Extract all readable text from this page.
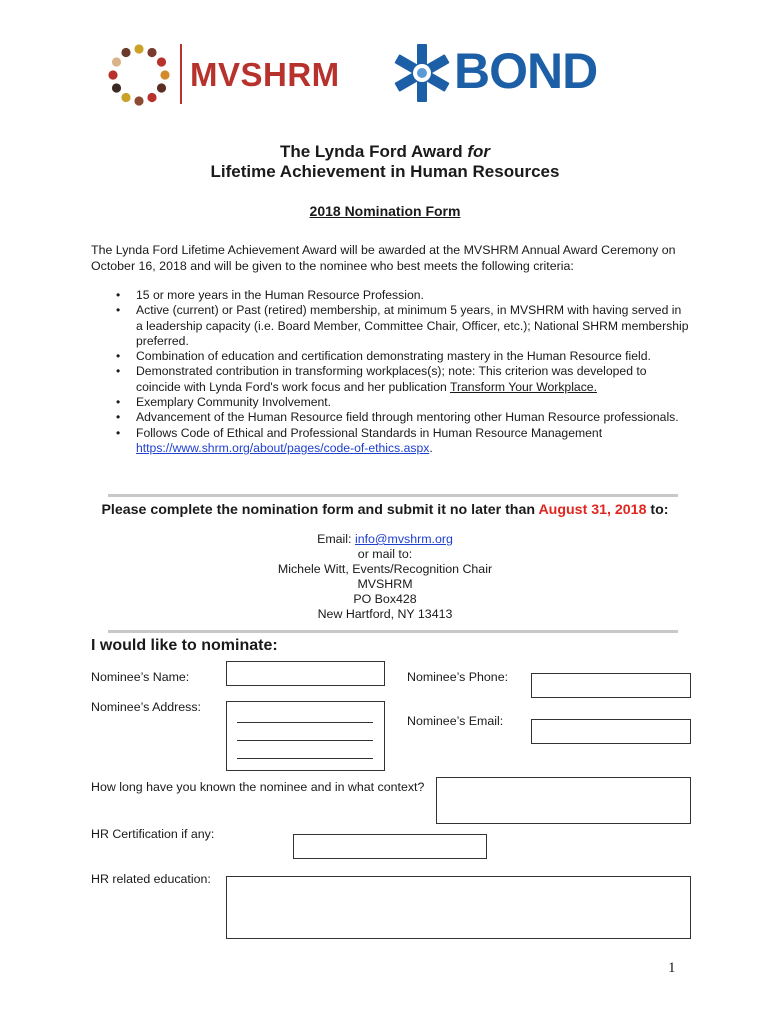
MVSHRM BOND
The Lynda Ford Award for
Lifetime Achievement in Human Resources
2018 Nomination Form
The Lynda Ford Lifetime Achievement Award will be awarded at the MVSHRM Annual Award Ceremony on October 16, 2018 and will be given to the nominee who best meets the following criteria:
• 15 or more years in the Human Resource Profession.
• Active (current) or Past (retired) membership, at minimum 5 years, in MVSHRM with having served in a leadership capacity (i.e. Board Member, Committee Chair, Officer, etc.); National SHRM membership preferred.
• Combination of education and certification demonstrating mastery in the Human Resource field.
• Demonstrated contribution in transforming workplaces(s); note: This criterion was developed to coincide with Lynda Ford's work focus and her publication Transform Your Workplace.
• Exemplary Community Involvement.
• Advancement of the Human Resource field through mentoring other Human Resource professionals.
• Follows Code of Ethical and Professional Standards in Human Resource Management https://www.shrm.org/about/pages/code-of-ethics.aspx.
Please complete the nomination form and submit it no later than August 31, 2018 to:
Email: info@mvshrm.org
or mail to:
Michele Witt, Events/Recognition Chair
MVSHRM
PO Box428
New Hartford, NY 13413
I would like to nominate:
Nominee’s Name:	Nominee’s Phone:
Nominee’s Address:
Nominee’s Email:
How long have you known the nominee and in what context?
HR Certification if any:
HR related education:
1
